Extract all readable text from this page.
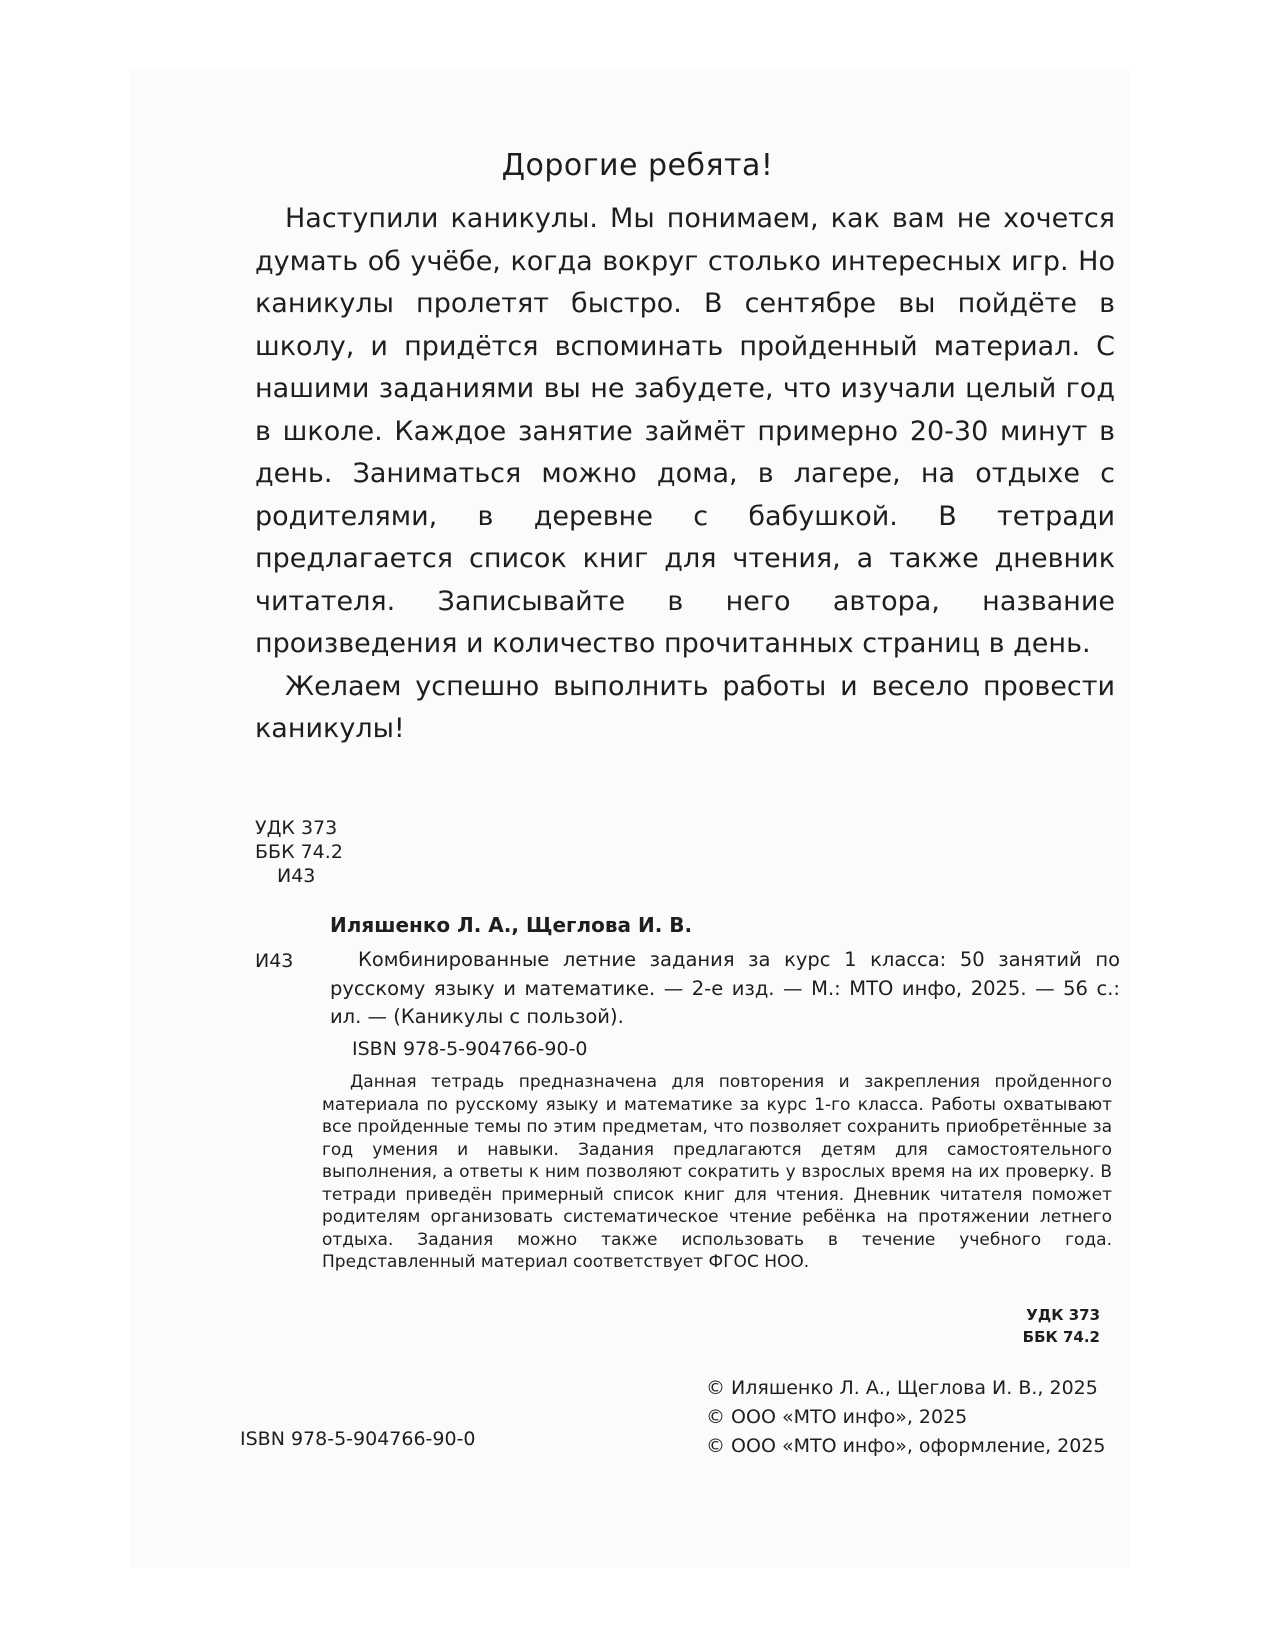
Дорогие ребята!

Наступили каникулы. Мы понимаем, как вам не хочется думать об учёбе, когда вокруг столько интересных игр. Но каникулы пролетят быстро. В сентябре вы пойдёте в школу, и придётся вспоминать пройденный материал. С нашими заданиями вы не забудете, что изучали целый год в школе. Каждое занятие займёт примерно 20-30 минут в день. Заниматься можно дома, в лагере, на отдыхе с родителями, в деревне с бабушкой. В тетради предлагается список книг для чтения, а также дневник читателя. Записывайте в него автора, название произведения и количество прочитанных страниц в день.

Желаем успешно выполнить работы и весело провести каникулы!

УДК 373
ББК 74.2
И43

Иляшенко Л. А., Щеглова И. В.

И43	Комбинированные летние задания за курс 1 класса: 50 занятий по русскому языку и математике. — 2-е изд. — М.: МТО инфо, 2025. — 56 с.: ил. — (Каникулы с пользой).
ISBN 978-5-904766-90-0

Данная тетрадь предназначена для повторения и закрепления пройденного материала по русскому языку и математике за курс 1-го класса. Работы охватывают все пройденные темы по этим предметам, что позволяет сохранить приобретённые за год умения и навыки. Задания предлагаются детям для самостоятельного выполнения, а ответы к ним позволяют сократить у взрослых время на их проверку. В тетради приведён примерный список книг для чтения. Дневник читателя поможет родителям организовать систематическое чтение ребёнка на протяжении летнего отдыха. Задания можно также использовать в течение учебного года. Представленный материал соответствует ФГОС НОО.

УДК 373
ББК 74.2
ISBN 978-5-904766-90-0
© Иляшенко Л. А., Щеглова И. В., 2025
© ООО «МТО инфо», 2025
© ООО «МТО инфо», оформление, 2025
